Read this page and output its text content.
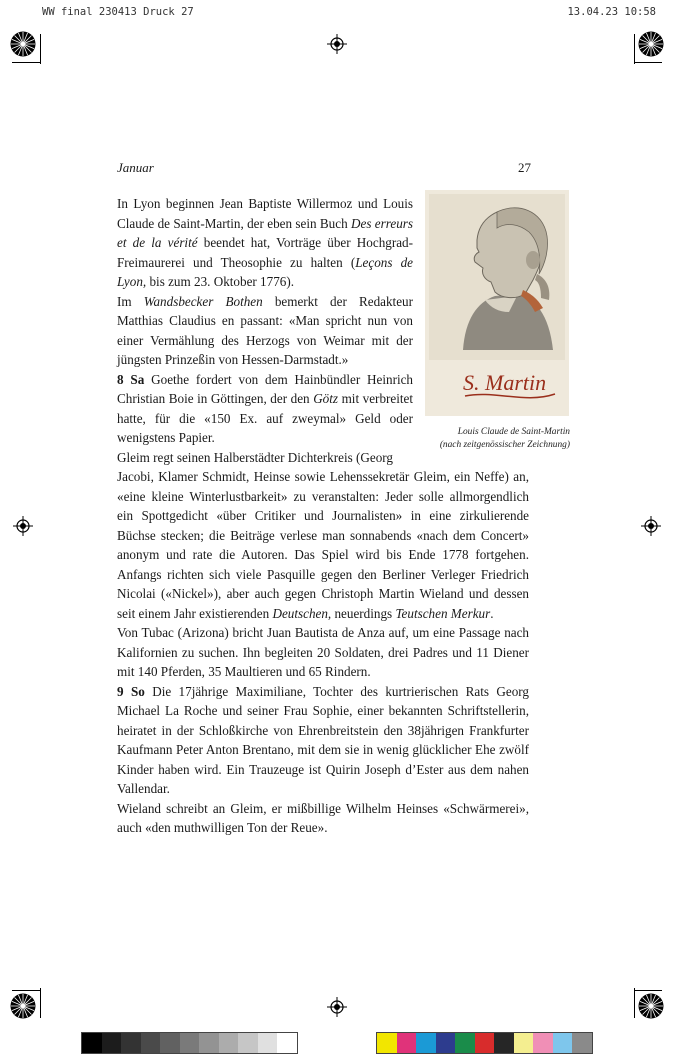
WW final 230413 Druck 27	13.04.23 10:58
Januar	27
S. Martin
Louis Claude de Saint-Martin
(nach zeitgenössischer Zeichnung)

In Lyon beginnen Jean Baptiste Willermoz und Louis Claude de Saint-Martin, der eben sein Buch Des erreurs et de la vérité beendet hat, Vorträge über Hochgrad-Freimaurerei und Theosophie zu halten (Leçons de Lyon, bis zum 23. Oktober 1776).

Im Wandsbecker Bothen bemerkt der Redakteur Matthias Claudius en passant: «Man spricht nun von einer Vermählung des Herzogs von Weimar mit der jüngsten Prinzeßin von Hessen-Darmstadt.»

8 Sa Goethe fordert von dem Hainbündler Heinrich Christian Boie in Göttingen, der den Götz mit verbreitet hatte, für die «150 Ex. auf zweymal» Geld oder wenigstens Papier.

Gleim regt seinen Halberstädter Dichterkreis (Georg

Jacobi, Klamer Schmidt, Heinse sowie Lehenssekretär Gleim, ein Neffe) an, «eine kleine Winterlustbarkeit» zu veranstalten: Jeder solle allmorgendlich ein Spottgedicht «über Critiker und Journalisten» in eine zirkulierende Büchse stecken; die Beiträge verlese man sonnabends «nach dem Concert» anonym und rate die Autoren. Das Spiel wird bis Ende 1778 fortgehen. Anfangs richten sich viele Pasquille gegen den Berliner Verleger Friedrich Nicolai («Nickel»), aber auch gegen Christoph Martin Wieland und dessen seit einem Jahr existierenden Deutschen, neuerdings Teutschen Merkur.

Von Tubac (Arizona) bricht Juan Bautista de Anza auf, um eine Passage nach Kalifornien zu suchen. Ihn begleiten 20 Soldaten, drei Padres und 11 Diener mit 140 Pferden, 35 Maultieren und 65 Rindern.

9 So Die 17jährige Maximiliane, Tochter des kurtrierischen Rats Georg Michael La Roche und seiner Frau Sophie, einer bekannten Schriftstellerin, heiratet in der Schloßkirche von Ehrenbreitstein den 38jährigen Frankfurter Kaufmann Peter Anton Brentano, mit dem sie in wenig glücklicher Ehe zwölf Kinder haben wird. Ein Trauzeuge ist Quirin Joseph d’Ester aus dem nahen Vallendar.

Wieland schreibt an Gleim, er mißbillige Wilhelm Heinses «Schwärmerei», auch «den muthwilligen Ton der Reue».
